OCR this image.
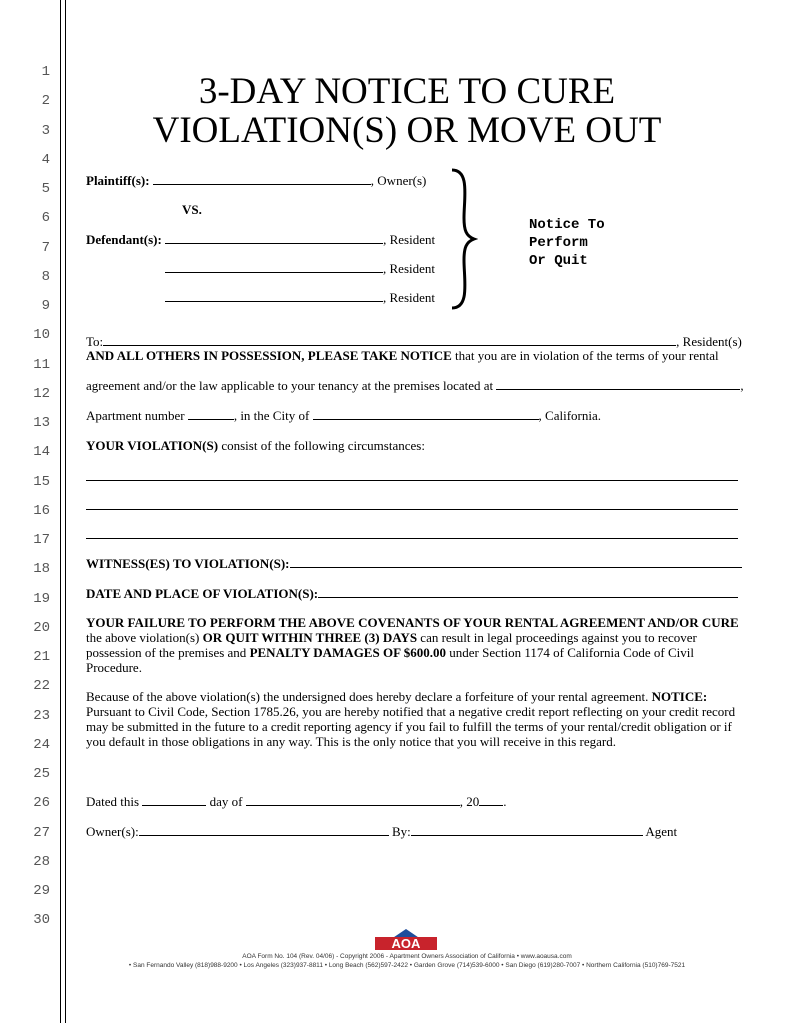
1
2
3
4
5
6
7
8
9
10
11
12
13
14
15
16
17
18
19
20
21
22
23
24
25
26
27
28
29
30
3-DAY NOTICE TO CURE
VIOLATION(S) OR MOVE OUT
Plaintiff(s):	, Owner(s)
VS.
Defendant(s):	, Resident
, Resident
, Resident
Notice To
Perform
Or Quit
To:	, Resident(s)
AND ALL OTHERS IN POSSESSION, PLEASE TAKE NOTICE that you are in violation of the terms of your rental
agreement and/or the law applicable to your tenancy at the premises located at	,
Apartment number	, in the City of	, California.
YOUR VIOLATION(S) consist of the following circumstances:
WITNESS(ES) TO VIOLATION(S):
DATE AND PLACE OF VIOLATION(S):
YOUR FAILURE TO PERFORM THE ABOVE COVENANTS OF YOUR RENTAL AGREEMENT AND/OR CURE the above violation(s) OR QUIT WITHIN THREE (3) DAYS can result in legal proceedings against you to recover possession of the premises and PENALTY DAMAGES OF $600.00 under Section 1174 of California Code of Civil Procedure.
Because of the above violation(s) the undersigned does hereby declare a forfeiture of your rental agreement. NOTICE: Pursuant to Civil Code, Section 1785.26, you are hereby notified that a negative credit report reflecting on your credit record may be submitted in the future to a credit reporting agency if you fail to fulfill the terms of your rental/credit obligation or if you default in those obligations in any way. This is the only notice that you will receive in this regard.
Dated this	day of	, 20 .
Owner(s):	By:	Agent
AOA
AOA Form No. 104 (Rev. 04/06) - Copyright 2006 - Apartment Owners Association of California • www.aoausa.com
• San Fernando Valley (818)988-9200 • Los Angeles (323)937-8811 • Long Beach (562)597-2422 • Garden Grove (714)539-6000 • San Diego (619)280-7007 • Northern California (510)769-7521
